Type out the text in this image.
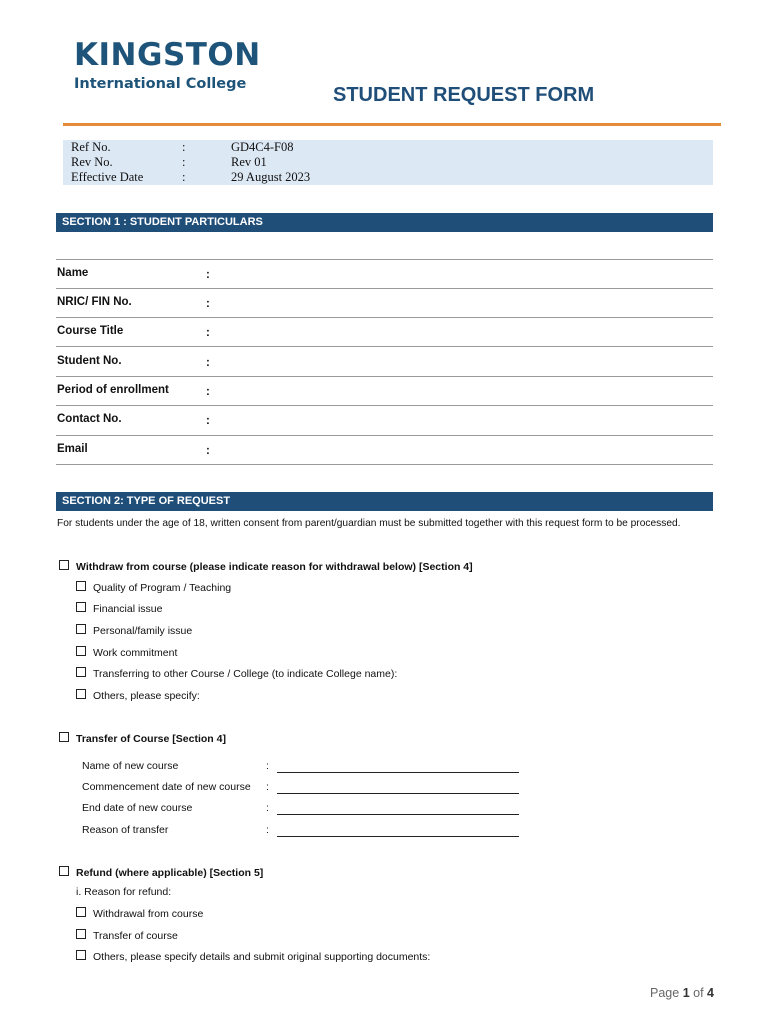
KINGSTON
International College	STUDENT REQUEST FORM
Ref No.	:	GD4C4-F08
Rev No.	:	Rev 01
Effective Date	:	29 August 2023
SECTION 1 : STUDENT PARTICULARS
Name	:
NRIC/ FIN No.	:
Course Title	:
Student No.	:
Period of enrollment	:
Contact No.	:
Email	:
SECTION 2: TYPE OF REQUEST
For students under the age of 18, written consent from parent/guardian must be submitted together with this request form to be processed.
Withdraw from course (please indicate reason for withdrawal below) [Section 4]
Quality of Program / Teaching
Financial issue
Personal/family issue
Work commitment
Transferring to other Course / College (to indicate College name):
Others, please specify:
Transfer of Course [Section 4]
Name of new course	:
Commencement date of new course :
End date of new course	:
Reason of transfer	:
Refund (where applicable) [Section 5]
i. Reason for refund:
Withdrawal from course
Transfer of course
Others, please specify details and submit original supporting documents:
Page 1 of 4
